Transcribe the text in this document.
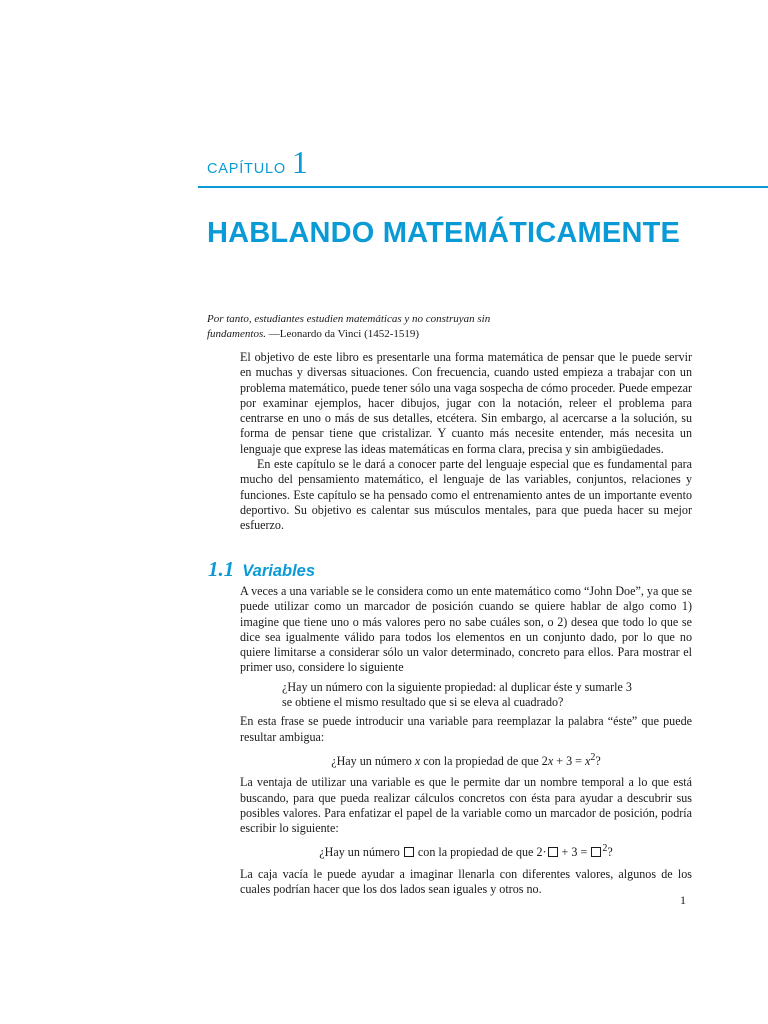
CAPÍTULO 1
HABLANDO MATEMÁTICAMENTE

Por tanto, estudiantes estudien matemáticas y no construyan sin fundamentos. —Leonardo da Vinci (1452-1519)

El objetivo de este libro es presentarle una forma matemática de pensar que le puede servir en muchas y diversas situaciones. Con frecuencia, cuando usted empieza a trabajar con un problema matemático, puede tener sólo una vaga sospecha de cómo proceder. Puede empezar por examinar ejemplos, hacer dibujos, jugar con la notación, releer el problema para centrarse en uno o más de sus detalles, etcétera. Sin embargo, al acercarse a la solución, su forma de pensar tiene que cristalizar. Y cuanto más necesite entender, más necesita un lenguaje que exprese las ideas matemáticas en forma clara, precisa y sin ambigüedades.

En este capítulo se le dará a conocer parte del lenguaje especial que es fundamental para mucho del pensamiento matemático, el lenguaje de las variables, conjuntos, relaciones y funciones. Este capítulo se ha pensado como el entrenamiento antes de un importante evento deportivo. Su objetivo es calentar sus músculos mentales, para que pueda hacer su mejor esfuerzo.

1.1 Variables

A veces a una variable se le considera como un ente matemático como “John Doe”, ya que se puede utilizar como un marcador de posición cuando se quiere hablar de algo como 1) imagine que tiene uno o más valores pero no sabe cuáles son, o 2) desea que todo lo que se dice sea igualmente válido para todos los elementos en un conjunto dado, por lo que no quiere limitarse a considerar sólo un valor determinado, concreto para ellos. Para mostrar el primer uso, considere lo siguiente

¿Hay un número con la siguiente propiedad: al duplicar éste y sumarle 3
se obtiene el mismo resultado que si se eleva al cuadrado?

En esta frase se puede introducir una variable para reemplazar la palabra “éste” que puede resultar ambigua:

¿Hay un número x con la propiedad de que $2x + 3 = x^2$?

La ventaja de utilizar una variable es que le permite dar un nombre temporal a lo que está buscando, para que pueda realizar cálculos concretos con ésta para ayudar a descubrir sus posibles valores. Para enfatizar el papel de la variable como un marcador de posición, podría escribir lo siguiente:

¿Hay un número  con la propiedad de que 2· + 3 = $^2$?

La caja vacía le puede ayudar a imaginar llenarla con diferentes valores, algunos de los cuales podrían hacer que los dos lados sean iguales y otros no.

1
